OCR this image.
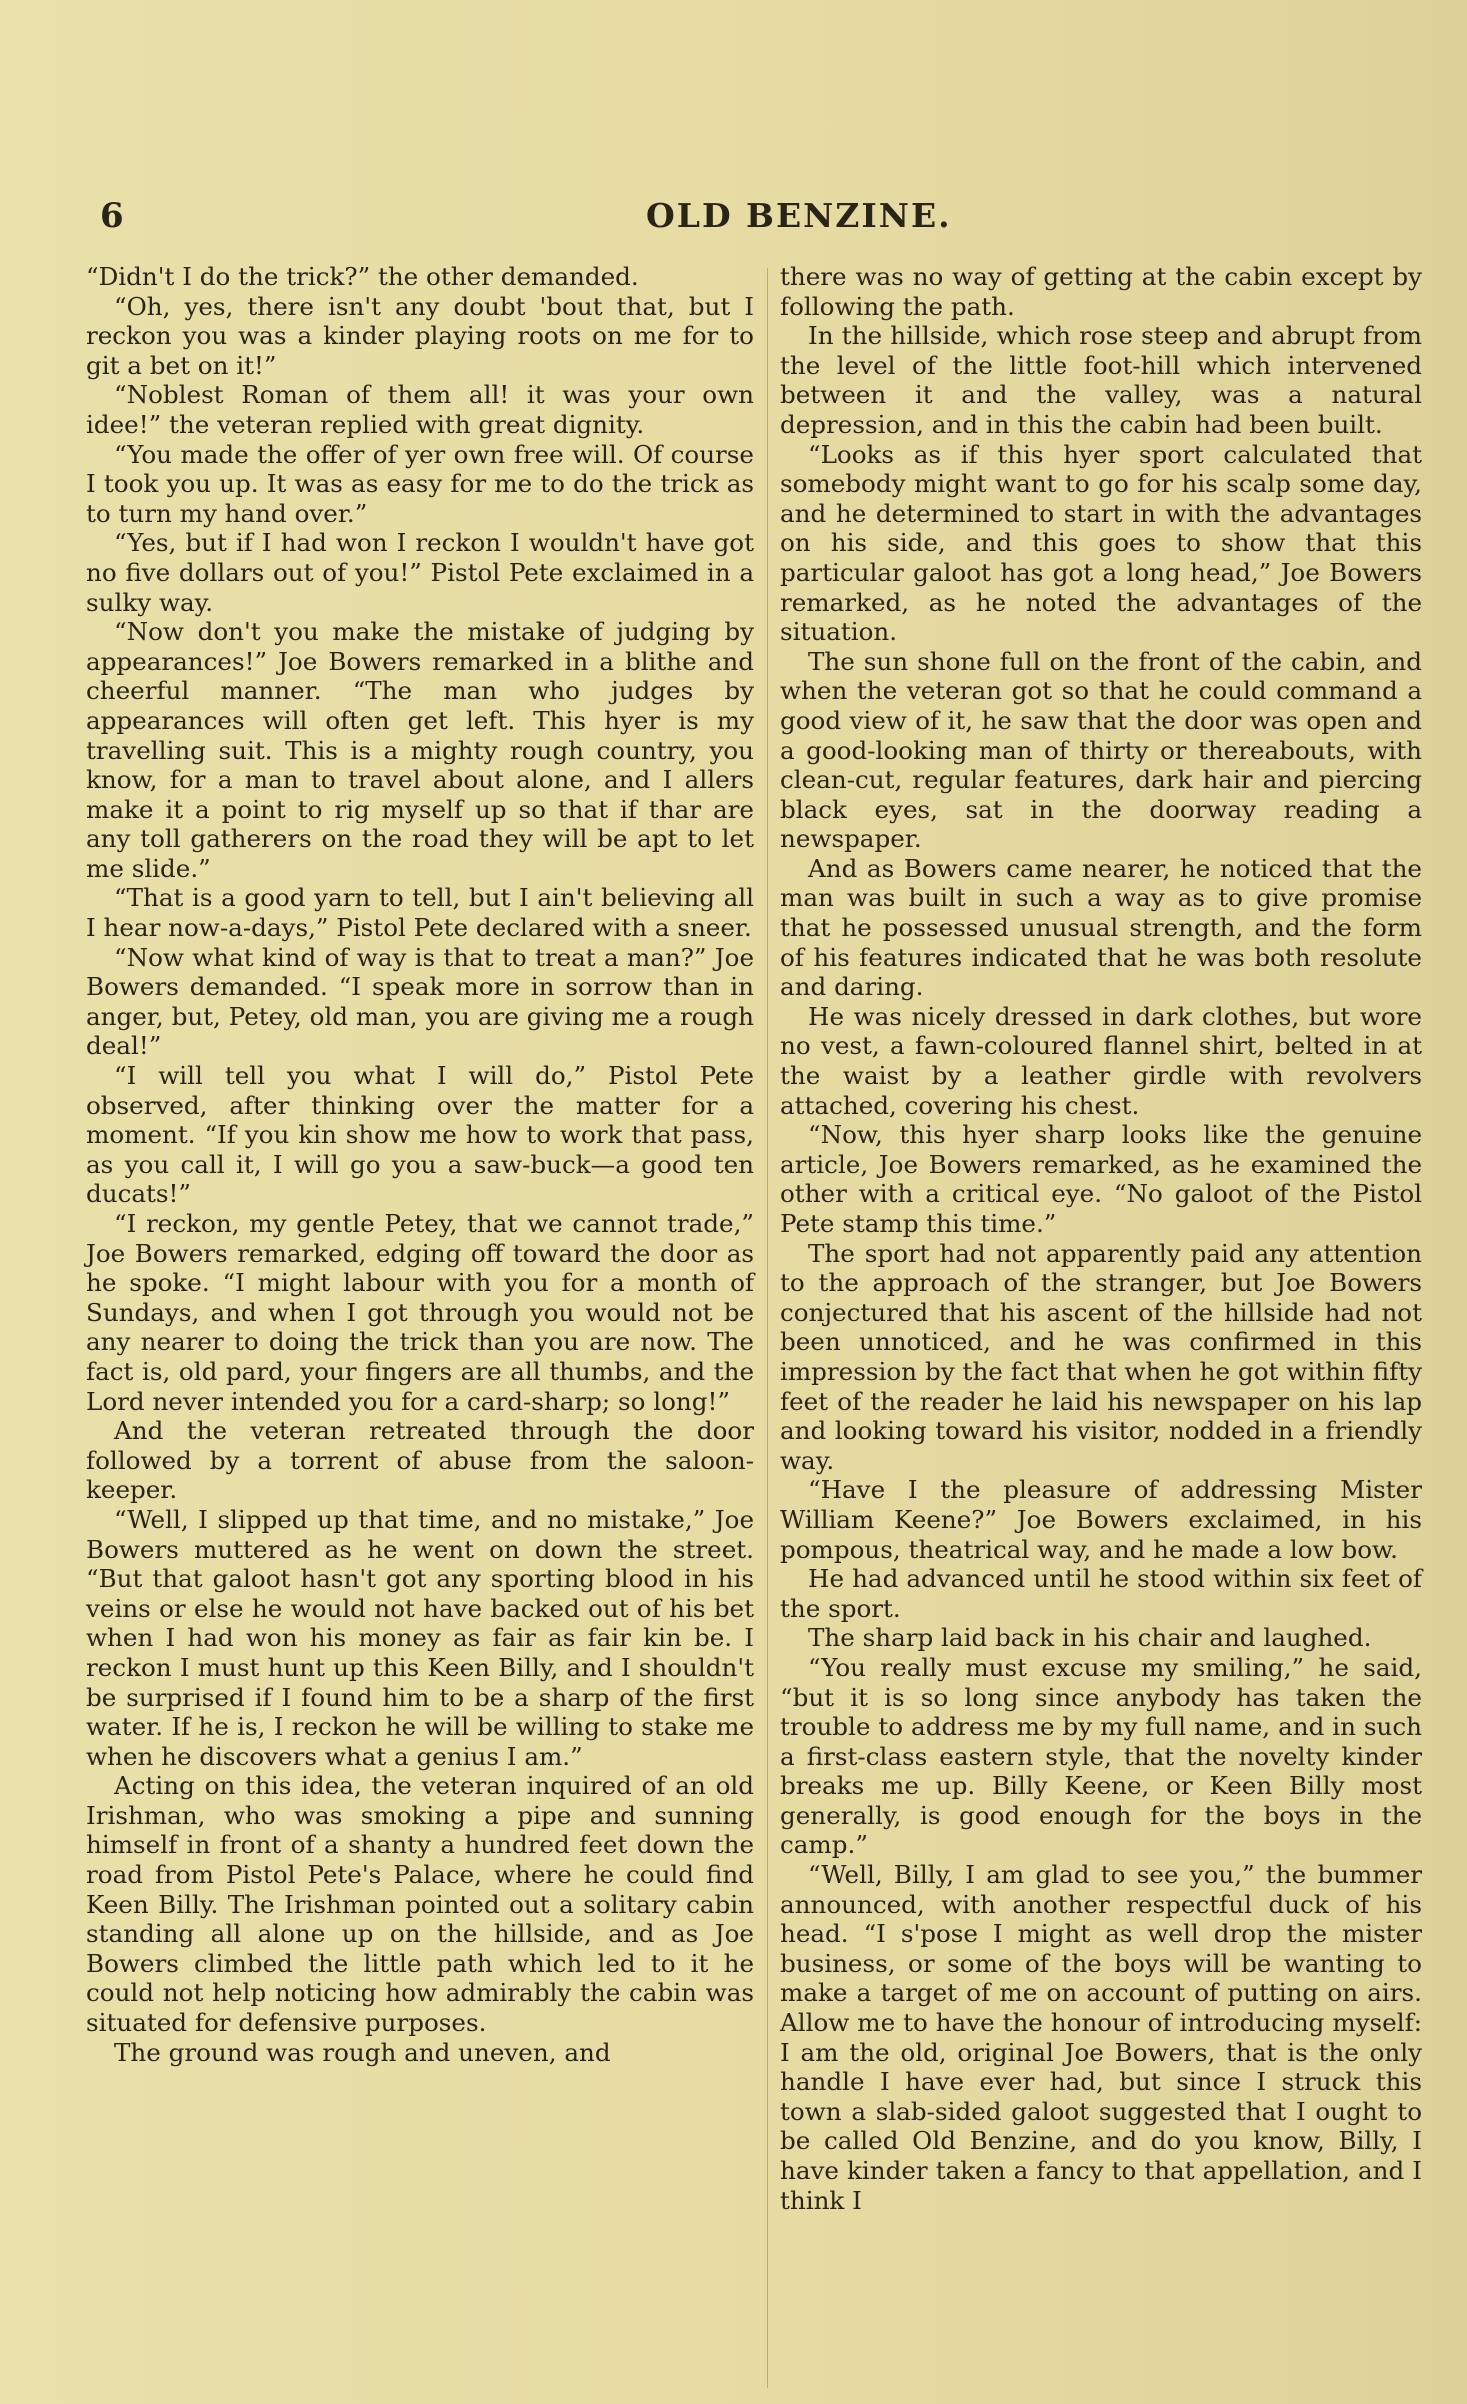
6	OLD BENZINE.

“Didn't I do the trick?” the other demanded.

“Oh, yes, there isn't any doubt 'bout that, but I reckon you was a kinder playing roots on me for to git a bet on it!”

“Noblest Roman of them all! it was your own idee!” the veteran replied with great dignity.

“You made the offer of yer own free will. Of course I took you up. It was as easy for me to do the trick as to turn my hand over.”

“Yes, but if I had won I reckon I wouldn't have got no five dollars out of you!” Pistol Pete exclaimed in a sulky way.

“Now don't you make the mistake of judging by appearances!” Joe Bowers remarked in a blithe and cheerful manner. “The man who judges by appearances will often get left. This hyer is my travelling suit. This is a mighty rough country, you know, for a man to travel about alone, and I allers make it a point to rig myself up so that if thar are any toll gatherers on the road they will be apt to let me slide.”

“That is a good yarn to tell, but I ain't believing all I hear now-a-days,” Pistol Pete declared with a sneer.

“Now what kind of way is that to treat a man?” Joe Bowers demanded. “I speak more in sorrow than in anger, but, Petey, old man, you are giving me a rough deal!”

“I will tell you what I will do,” Pistol Pete observed, after thinking over the matter for a moment. “If you kin show me how to work that pass, as you call it, I will go you a saw-buck—a good ten ducats!”

“I reckon, my gentle Petey, that we cannot trade,” Joe Bowers remarked, edging off toward the door as he spoke. “I might labour with you for a month of Sundays, and when I got through you would not be any nearer to doing the trick than you are now. The fact is, old pard, your fingers are all thumbs, and the Lord never intended you for a card-sharp; so long!”

And the veteran retreated through the door followed by a torrent of abuse from the saloon-keeper.

“Well, I slipped up that time, and no mistake,” Joe Bowers muttered as he went on down the street. “But that galoot hasn't got any sporting blood in his veins or else he would not have backed out of his bet when I had won his money as fair as fair kin be. I reckon I must hunt up this Keen Billy, and I shouldn't be surprised if I found him to be a sharp of the first water. If he is, I reckon he will be willing to stake me when he discovers what a genius I am.”

Acting on this idea, the veteran inquired of an old Irishman, who was smoking a pipe and sunning himself in front of a shanty a hundred feet down the road from Pistol Pete's Palace, where he could find Keen Billy. The Irishman pointed out a solitary cabin standing all alone up on the hillside, and as Joe Bowers climbed the little path which led to it he could not help noticing how admirably the cabin was situated for defensive purposes.

The ground was rough and uneven, and

there was no way of getting at the cabin except by following the path.

In the hillside, which rose steep and abrupt from the level of the little foot-hill which intervened between it and the valley, was a natural depression, and in this the cabin had been built.

“Looks as if this hyer sport calculated that somebody might want to go for his scalp some day, and he determined to start in with the advantages on his side, and this goes to show that this particular galoot has got a long head,” Joe Bowers remarked, as he noted the advantages of the situation.

The sun shone full on the front of the cabin, and when the veteran got so that he could command a good view of it, he saw that the door was open and a good-looking man of thirty or thereabouts, with clean-cut, regular features, dark hair and piercing black eyes, sat in the doorway reading a newspaper.

And as Bowers came nearer, he noticed that the man was built in such a way as to give promise that he possessed unusual strength, and the form of his features indicated that he was both resolute and daring.

He was nicely dressed in dark clothes, but wore no vest, a fawn-coloured flannel shirt, belted in at the waist by a leather girdle with revolvers attached, covering his chest.

“Now, this hyer sharp looks like the genuine article, Joe Bowers remarked, as he examined the other with a critical eye. “No galoot of the Pistol Pete stamp this time.”

The sport had not apparently paid any attention to the approach of the stranger, but Joe Bowers conjectured that his ascent of the hillside had not been unnoticed, and he was confirmed in this impression by the fact that when he got within fifty feet of the reader he laid his newspaper on his lap and looking toward his visitor, nodded in a friendly way.

“Have I the pleasure of addressing Mister William Keene?” Joe Bowers exclaimed, in his pompous, theatrical way, and he made a low bow.

He had advanced until he stood within six feet of the sport.

The sharp laid back in his chair and laughed.

“You really must excuse my smiling,” he said, “but it is so long since anybody has taken the trouble to address me by my full name, and in such a first-class eastern style, that the novelty kinder breaks me up. Billy Keene, or Keen Billy most generally, is good enough for the boys in the camp.”

“Well, Billy, I am glad to see you,” the bummer announced, with another respectful duck of his head. “I s'pose I might as well drop the mister business, or some of the boys will be wanting to make a target of me on account of putting on airs. Allow me to have the honour of introducing myself: I am the old, original Joe Bowers, that is the only handle I have ever had, but since I struck this town a slab-sided galoot suggested that I ought to be called Old Benzine, and do you know, Billy, I have kinder taken a fancy to that appellation, and I think I
